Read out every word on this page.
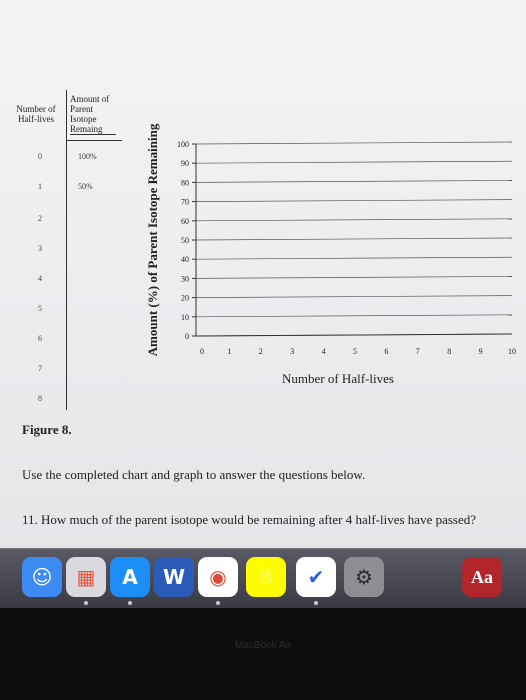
Number of
Half-lives
Amount of
Parent
Isotope
Remaing
0	100%
1	50%
2
3
4
5
6
7
8
Amount (%) of Parent Isotope Remaining 100
90
80
70
60
50
40
30
20
10
0
0	1	2	3	4	5	6	7	8	9	10
Number of Half-lives
Figure 8.
Use the completed chart and graph to answer the questions below.
11. How much of the parent isotope would be remaining after 4 half-lives have passed?
☺	▦	A	W	◉	☃	✔	⚙	Aa
MacBook Air
